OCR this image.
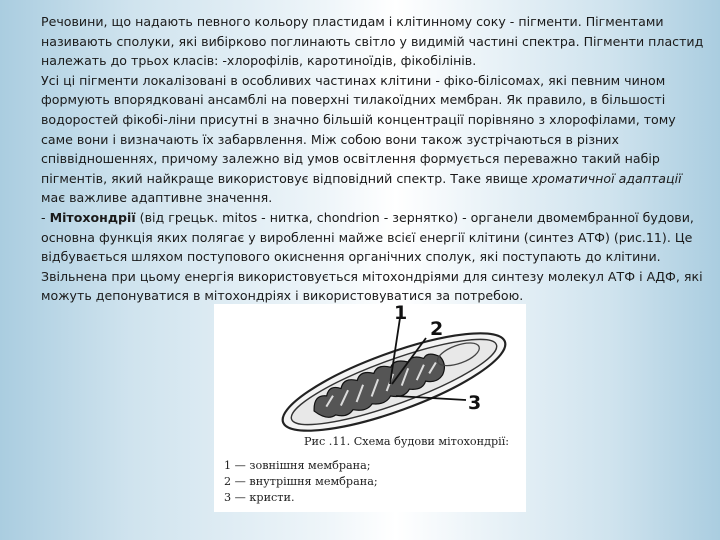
Речовини, що надають певного кольору пластидам і клітинному соку - пігменти. Пігментами називають сполуки, які вибірково поглинають світло у видимій частині спектра. Пігменти пластид належать до трьох класів: -хлорофілів, каротиноїдів, фікобілінів.

Усі ці пігменти локалізовані в особливих частинах клітини - фіко-білісомах, які певним чином формують впорядковані ансамблі на поверхні тилакоїдних мембран. Як правило, в більшості водоростей фікобі-ліни присутні в значно більшій концентрації порівняно з хлорофілами, тому саме вони і визначають їх забарвлення. Між собою вони також зустрічаються в різних співвідношеннях, причому залежно від умов освітлення формується переважно такий набір пігментів, який найкраще використовує відповідний спектр. Таке явище хроматичної адаптації має важливе адаптивне значення.

- Мітохондрії (від грецьк. mitos - нитка, chondrion - зернятко) - органели двомембранної будови, основна функція яких полягає у виробленні майже всієї енергії клітини (синтез АТФ) (рис.11). Це відбувається шляхом поступового окиснення органічних сполук, які поступають до клітини. Звільнена при цьому енергія використовується мітохондріями для синтезу молекул АТФ і АДФ, які можуть депонуватися в мітохондріях і використовуватися за потребою.

1
2
3
Рис .11. Схема будови мітохондрії:
1 — зовнішня мембрана;
2 — внутрішня мембрана;
3 — кристи.
